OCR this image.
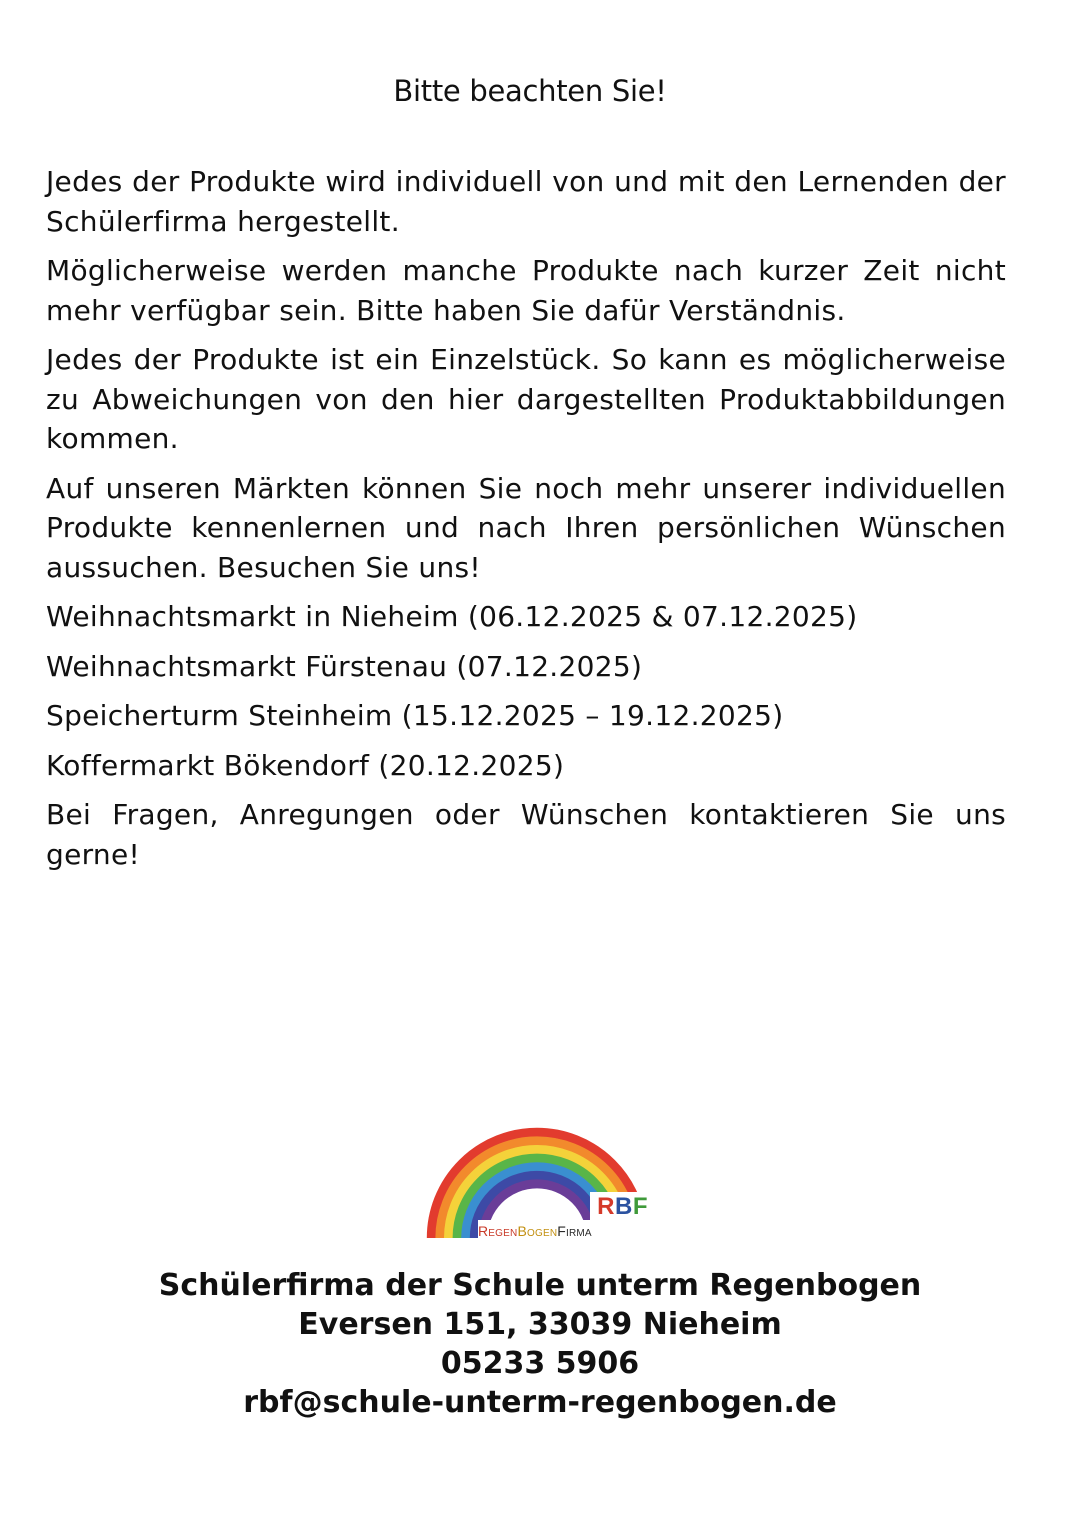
Bitte beachten Sie!

Jedes der Produkte wird individuell von und mit den Lernenden der Schülerfirma hergestellt.

Möglicherweise werden manche Produkte nach kurzer Zeit nicht mehr verfügbar sein. Bitte haben Sie dafür Verständnis.

Jedes der Produkte ist ein Einzelstück. So kann es möglicherweise zu Abweichungen von den hier dargestellten Produktabbildungen kommen.

Auf unseren Märkten können Sie noch mehr unserer individuellen Produkte kennenlernen und nach Ihren persönlichen Wünschen aussuchen. Besuchen Sie uns!

Weihnachtsmarkt in Nieheim (06.12.2025 & 07.12.2025)

Weihnachtsmarkt Fürstenau (07.12.2025)

Speicherturm Steinheim (15.12.2025 – 19.12.2025)

Koffermarkt Bökendorf (20.12.2025)

Bei Fragen, Anregungen oder Wünschen kontaktieren Sie uns gerne!

RBF
RegenBogenFirma
Schülerfirma der Schule unterm Regenbogen
Eversen 151, 33039 Nieheim
05233 5906
rbf@schule-unterm-regenbogen.de
